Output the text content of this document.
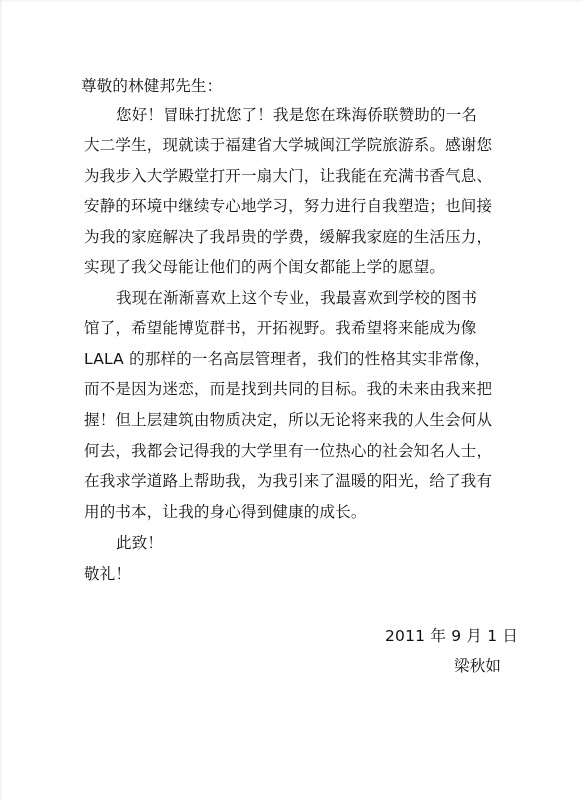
尊敬的林健邦先生：
您好！冒昧打扰您了！我是您在珠海侨联赞助的一名
大二学生，现就读于福建省大学城闽江学院旅游系。感谢您
为我步入大学殿堂打开一扇大门，让我能在充满书香气息、
安静的环境中继续专心地学习，努力进行自我塑造；也间接
为我的家庭解决了我昂贵的学费，缓解我家庭的生活压力，
实现了我父母能让他们的两个闺女都能上学的愿望。
我现在渐渐喜欢上这个专业，我最喜欢到学校的图书
馆了，希望能博览群书，开拓视野。我希望将来能成为像
LALA 的那样的一名高层管理者，我们的性格其实非常像，
而不是因为迷恋，而是找到共同的目标。我的未来由我来把
握！但上层建筑由物质决定，所以无论将来我的人生会何从
何去，我都会记得我的大学里有一位热心的社会知名人士，
在我求学道路上帮助我，为我引来了温暖的阳光，给了我有
用的书本，让我的身心得到健康的成长。
此致！
敬礼！
2011 年 9 月 1 日
梁秋如
